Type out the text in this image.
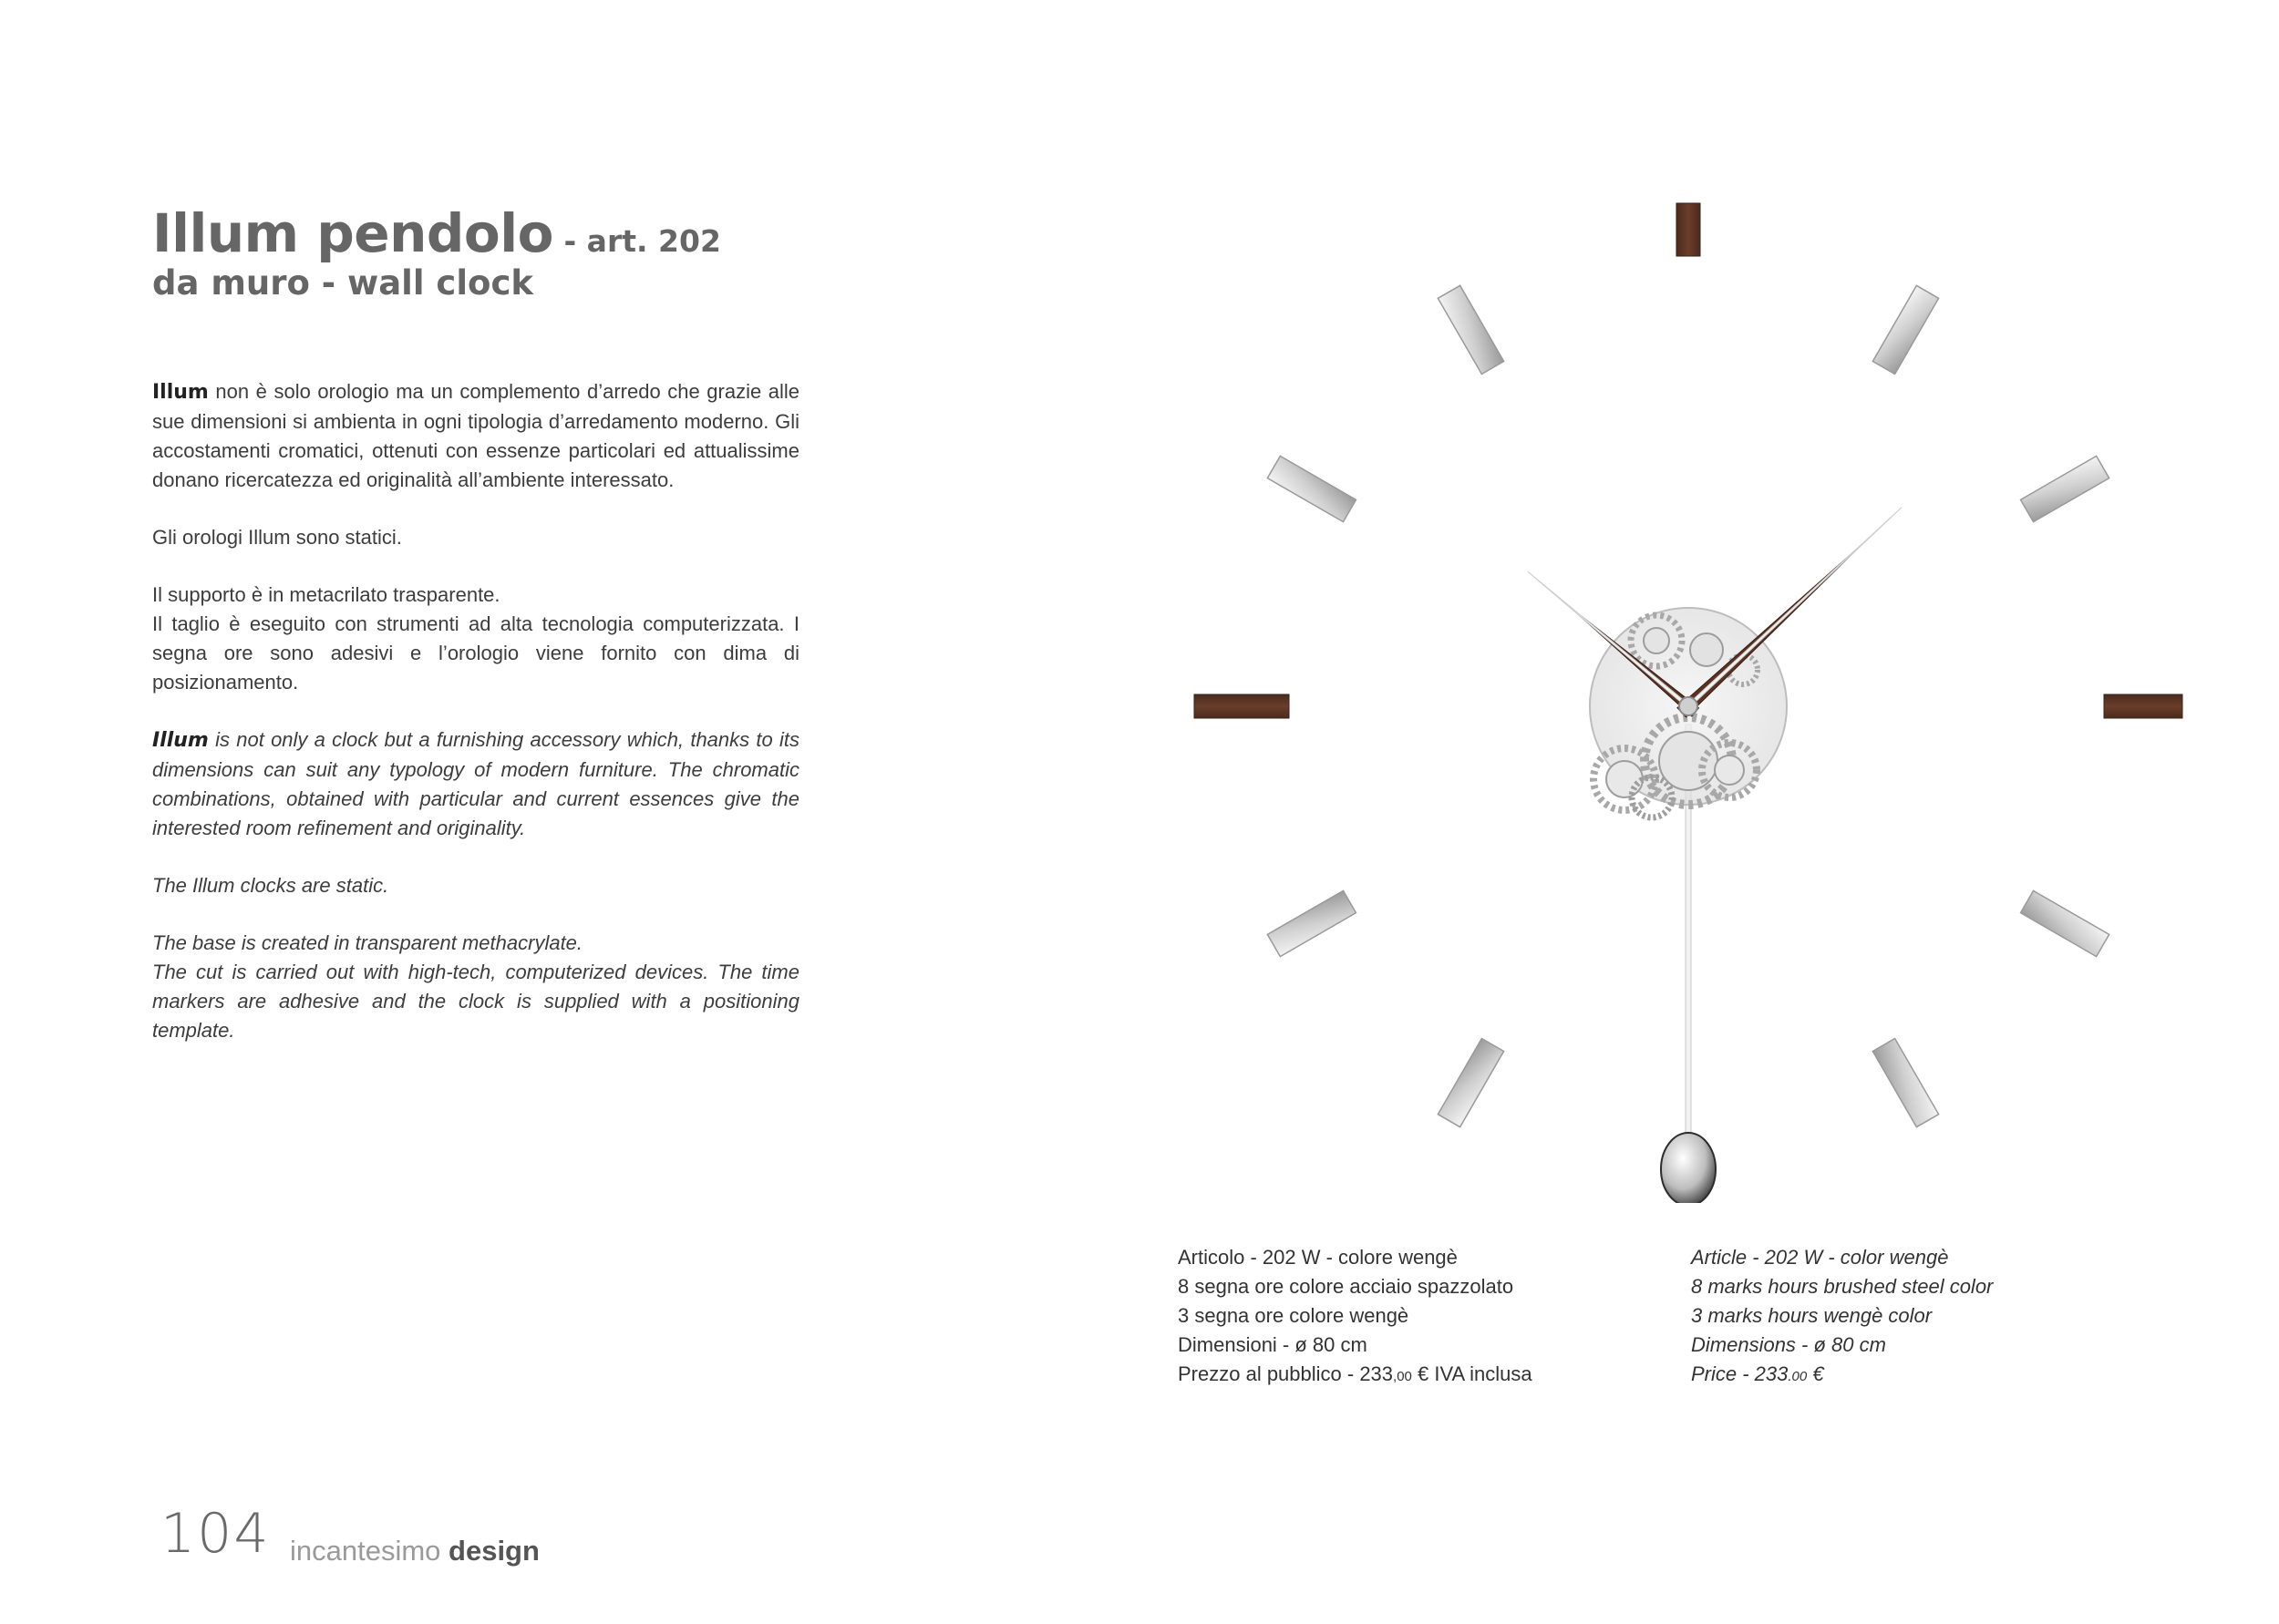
Illum pendolo - art. 202
da muro - wall clock

Illum non è solo orologio ma un complemento d’arredo che grazie alle sue dimensioni si ambienta in ogni tipologia d’arredamento moderno. Gli accostamenti cromatici, ottenuti con essenze particolari ed attualissime donano ricercatezza ed originalità all’ambiente interessato.

Gli orologi Illum sono statici.

Il supporto è in metacrilato trasparente.
Il taglio è eseguito con strumenti ad alta tecnologia computerizzata. I segna ore sono adesivi e l’orologio viene fornito con dima di posizionamento.

Illum is not only a clock but a furnishing accessory which, thanks to its dimensions can suit any typology of modern furniture. The chromatic combinations, obtained with particular and current essences give the interested room refinement and originality.

The Illum clocks are static.

The base is created in transparent methacrylate.
The cut is carried out with high-tech, computerized devices. The time markers are adhesive and the clock is supplied with a positioning template.

Articolo - 202 W - colore wengè
8 segna ore colore acciaio spazzolato
3 segna ore colore wengè
Dimensioni - ø 80 cm
Prezzo al pubblico - 233,00 € IVA inclusa
Article - 202 W - color wengè
8 marks hours brushed steel color
3 marks hours wengè color
Dimensions - ø 80 cm
Price - 233.00 €
104 incantesimo design
